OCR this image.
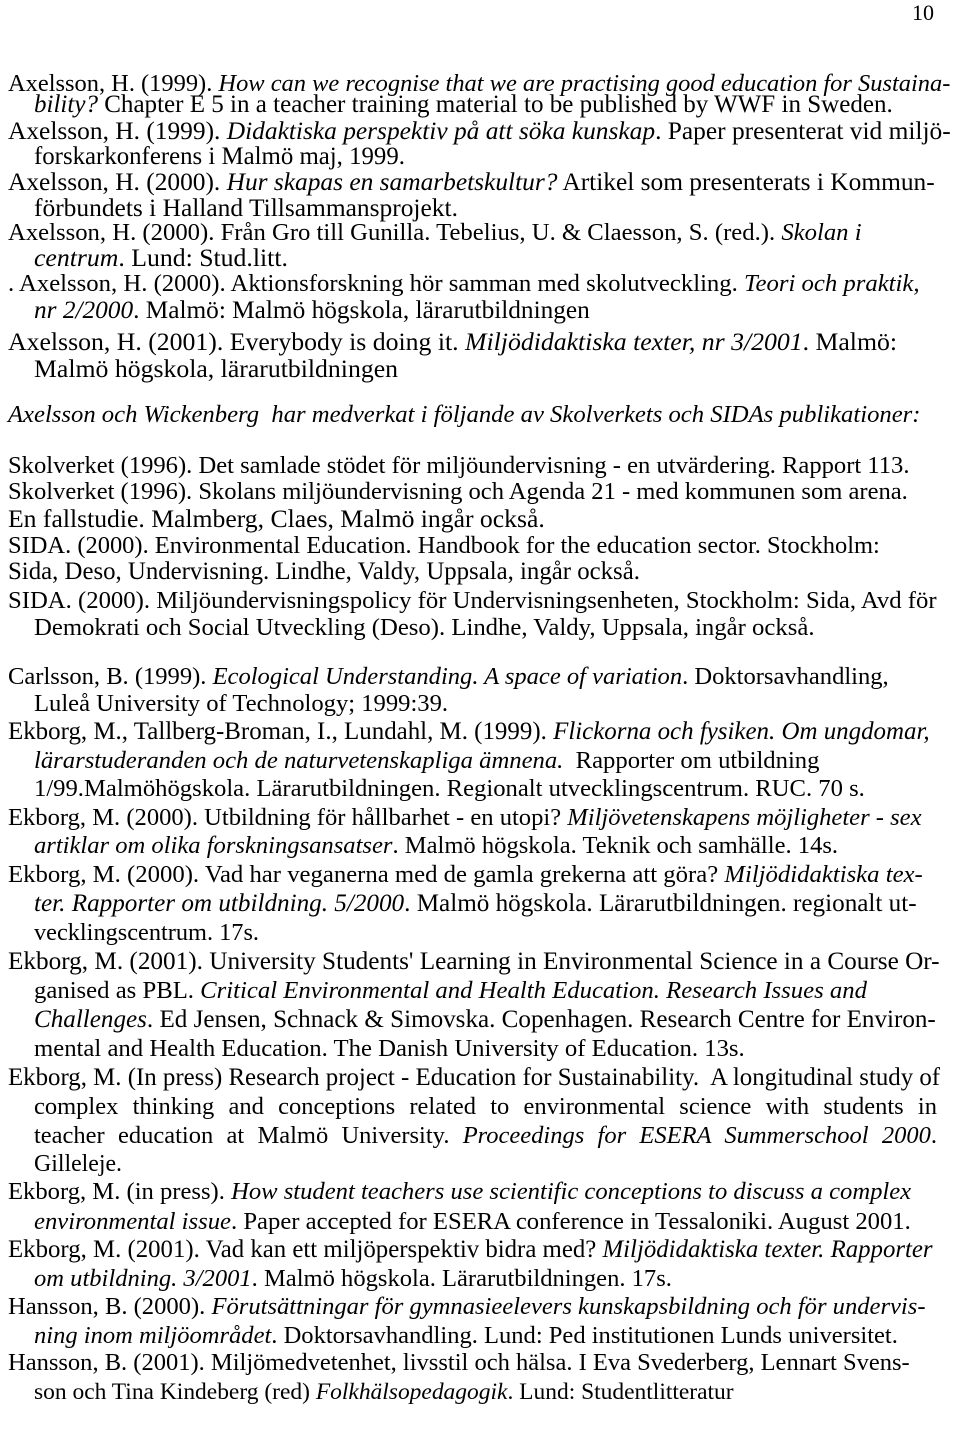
10
Axelsson, H. (1999). How can we recognise that we are practising good education for Sustaina-
bility? Chapter E 5 in a teacher training material to be published by WWF in Sweden.
Axelsson, H. (1999). Didaktiska perspektiv på att söka kunskap. Paper presenterat vid miljö-
forskarkonferens i Malmö maj, 1999.
Axelsson, H. (2000). Hur skapas en samarbetskultur? Artikel som presenterats i Kommun-
förbundets i Halland Tillsammansprojekt.
Axelsson, H. (2000). Från Gro till Gunilla. Tebelius, U. & Claesson, S. (red.). Skolan i
centrum. Lund: Stud.litt.
. Axelsson, H. (2000). Aktionsforskning hör samman med skolutveckling. Teori och praktik,
nr 2/2000. Malmö: Malmö högskola, lärarutbildningen
Axelsson, H. (2001). Everybody is doing it. Miljödidaktiska texter, nr 3/2001. Malmö:
Malmö högskola, lärarutbildningen
Axelsson och Wickenberg  har medverkat i följande av Skolverkets och SIDAs publikationer:
Skolverket (1996). Det samlade stödet för miljöundervisning - en utvärdering. Rapport 113.
Skolverket (1996). Skolans miljöundervisning och Agenda 21 - med kommunen som arena.
En fallstudie. Malmberg, Claes, Malmö ingår också.
SIDA. (2000). Environmental Education. Handbook for the education sector. Stockholm:
Sida, Deso, Undervisning. Lindhe, Valdy, Uppsala, ingår också.
SIDA. (2000). Miljöundervisningspolicy för Undervisningsenheten, Stockholm: Sida, Avd för
Demokrati och Social Utveckling (Deso). Lindhe, Valdy, Uppsala, ingår också.
Carlsson, B. (1999). Ecological Understanding. A space of variation. Doktorsavhandling,
Luleå University of Technology; 1999:39.
Ekborg, M., Tallberg-Broman, I., Lundahl, M. (1999). Flickorna och fysiken. Om ungdomar,
lärarstuderanden och de naturvetenskapliga ämnena.  Rapporter om utbildning
1/99.Malmöhögskola. Lärarutbildningen. Regionalt utvecklingscentrum. RUC. 70 s.
Ekborg, M. (2000). Utbildning för hållbarhet - en utopi? Miljövetenskapens möjligheter - sex
artiklar om olika forskningsansatser. Malmö högskola. Teknik och samhälle. 14s.
Ekborg, M. (2000). Vad har veganerna med de gamla grekerna att göra? Miljödidaktiska tex-
ter. Rapporter om utbildning. 5/2000. Malmö högskola. Lärarutbildningen. regionalt ut-
vecklingscentrum. 17s.
Ekborg, M. (2001). University Students' Learning in Environmental Science in a Course Or-
ganised as PBL. Critical Environmental and Health Education. Research Issues and
Challenges. Ed Jensen, Schnack & Simovska. Copenhagen. Research Centre for Environ-
mental and Health Education. The Danish University of Education. 13s.
Ekborg, M. (In press) Research project - Education for Sustainability.  A longitudinal study of
complex thinking and conceptions related to environmental science with students in
teacher education at Malmö University. Proceedings for ESERA Summerschool 2000.
Gilleleje.
Ekborg, M. (in press). How student teachers use scientific conceptions to discuss a complex
environmental issue. Paper accepted for ESERA conference in Tessaloniki. August 2001.
Ekborg, M. (2001). Vad kan ett miljöperspektiv bidra med? Miljödidaktiska texter. Rapporter
om utbildning. 3/2001. Malmö högskola. Lärarutbildningen. 17s.
Hansson, B. (2000). Förutsättningar för gymnasieelevers kunskapsbildning och för undervis-
ning inom miljöområdet. Doktorsavhandling. Lund: Ped institutionen Lunds universitet.
Hansson, B. (2001). Miljömedvetenhet, livsstil och hälsa. I Eva Svederberg, Lennart Svens-
son och Tina Kindeberg (red) Folkhälsopedagogik. Lund: Studentlitteratur
